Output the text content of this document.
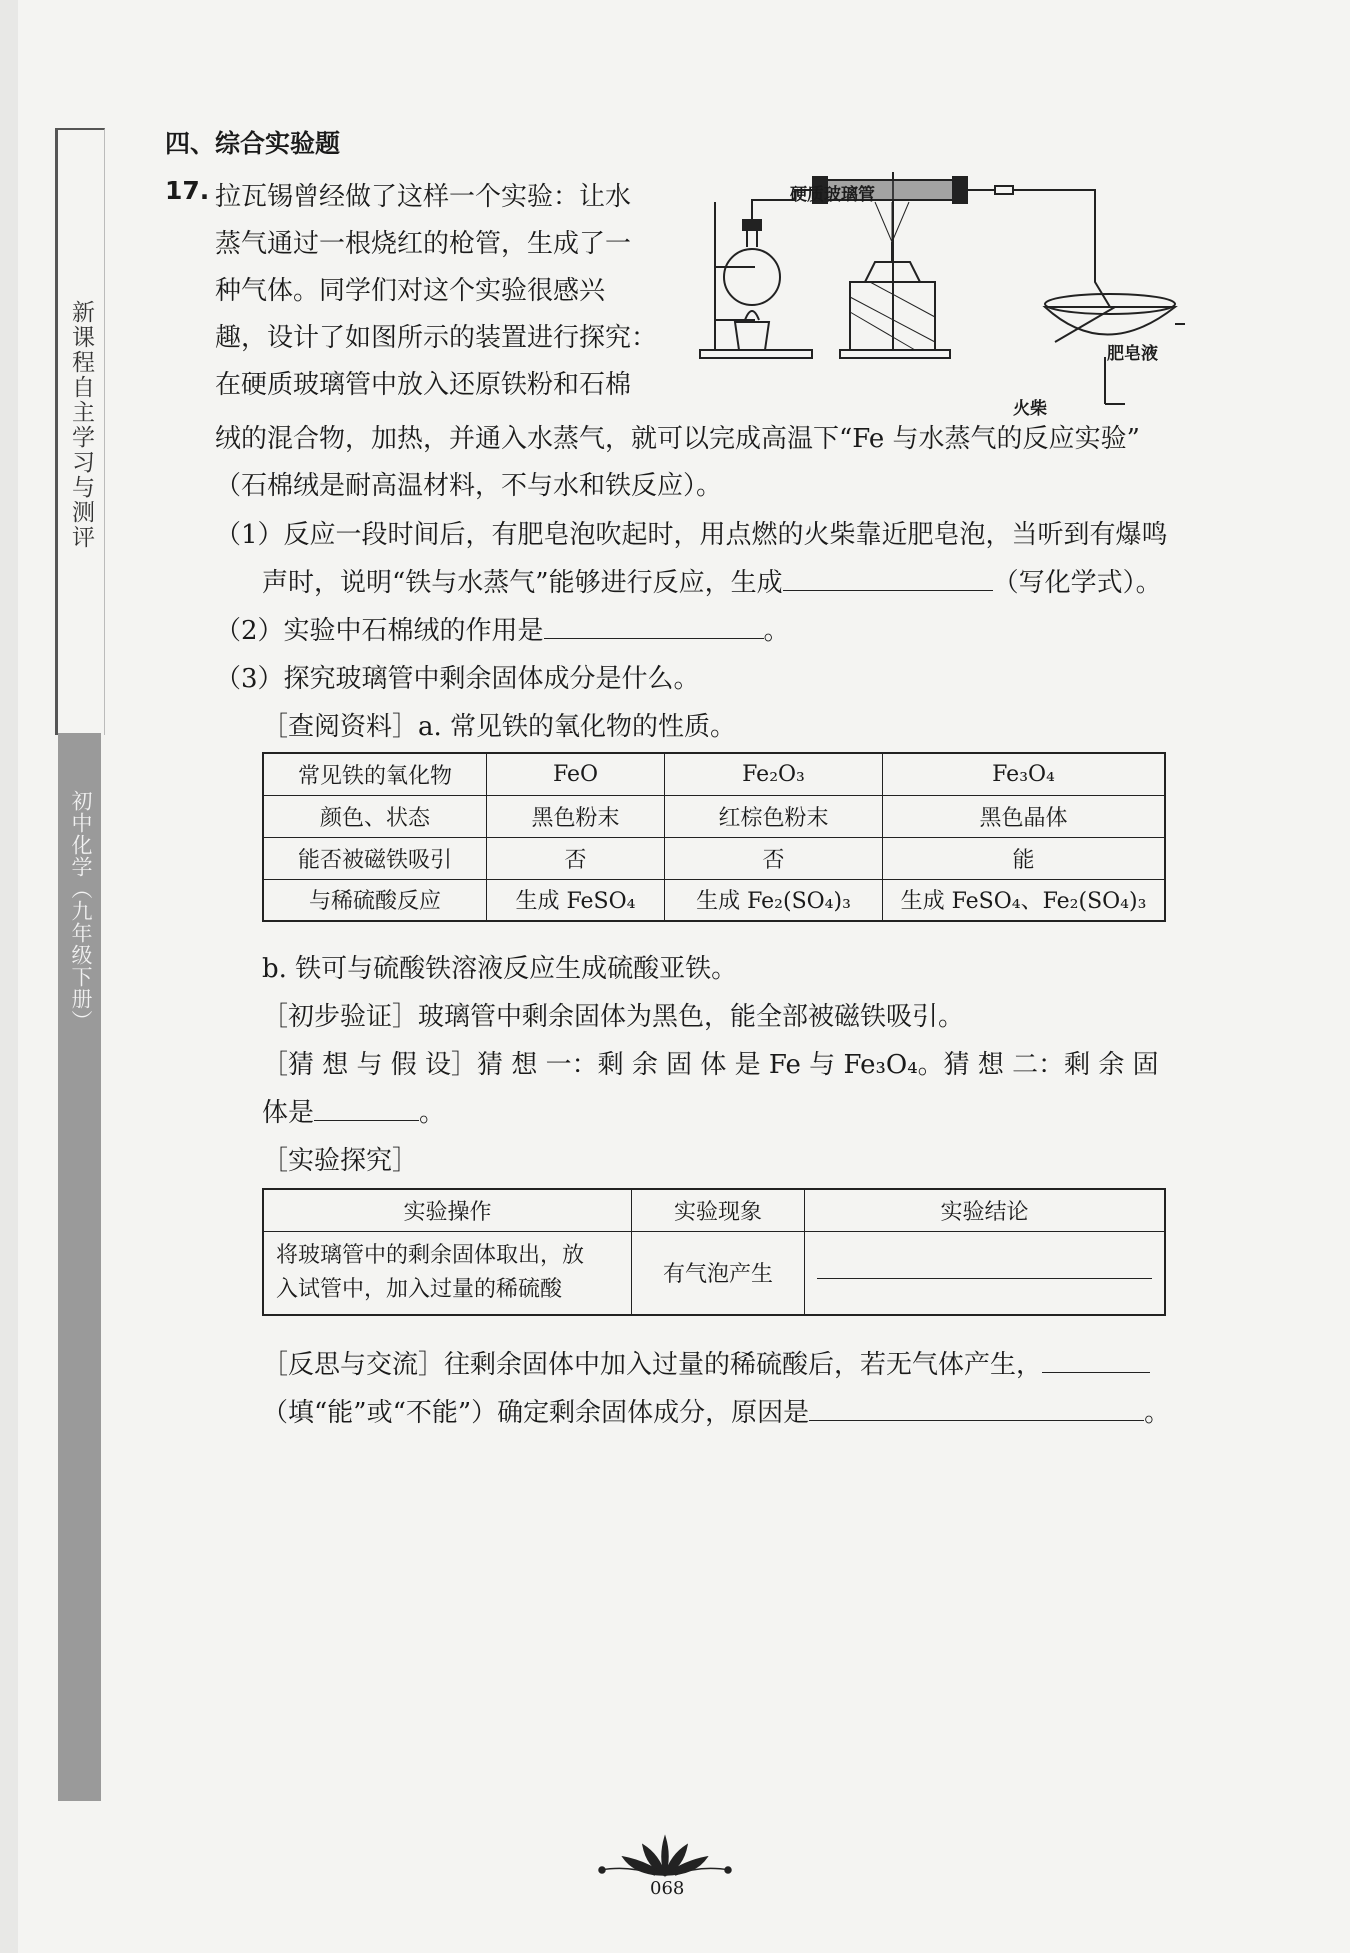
新课程自主学习与测评
初中化学（九年级下册）
四、综合实验题
17. 拉瓦锡曾经做了这样一个实验：让水
蒸气通过一根烧红的枪管，生成了一
种气体。同学们对这个实验很感兴
趣，设计了如图所示的装置进行探究：
在硬质玻璃管中放入还原铁粉和石棉
绒的混合物，加热，并通入水蒸气，就可以完成高温下“Fe 与水蒸气的反应实验”
（石棉绒是耐高温材料，不与水和铁反应）。
硬质玻璃管
肥皂液
火柴
（1）反应一段时间后，有肥皂泡吹起时，用点燃的火柴靠近肥皂泡，当听到有爆鸣
声时，说明“铁与水蒸气”能够进行反应，生成	（写化学式）。
（2）实验中石棉绒的作用是	。
（3）探究玻璃管中剩余固体成分是什么。
［查阅资料］a. 常见铁的氧化物的性质。
常见铁的氧化物	FeO	Fe₂O₃	Fe₃O₄
颜色、状态	黑色粉末	红棕色粉末	黑色晶体
能否被磁铁吸引	否	否	能
与稀硫酸反应	生成 FeSO₄	生成 Fe₂(SO₄)₃	生成 FeSO₄、Fe₂(SO₄)₃
b. 铁可与硫酸铁溶液反应生成硫酸亚铁。
［初步验证］玻璃管中剩余固体为黑色，能全部被磁铁吸引。
［猜 想 与 假 设］猜 想 一：剩 余 固 体 是 Fe 与 Fe₃O₄。猜 想 二：剩 余 固
体是	。
［实验探究］
实验操作	实验现象	实验结论

将玻璃管中的剩余固体取出，放
入试管中，加入过量的稀硫酸	有气泡产生	
［反思与交流］往剩余固体中加入过量的稀硫酸后，若无气体产生，
（填“能”或“不能”）确定剩余固体成分，原因是	。
068
